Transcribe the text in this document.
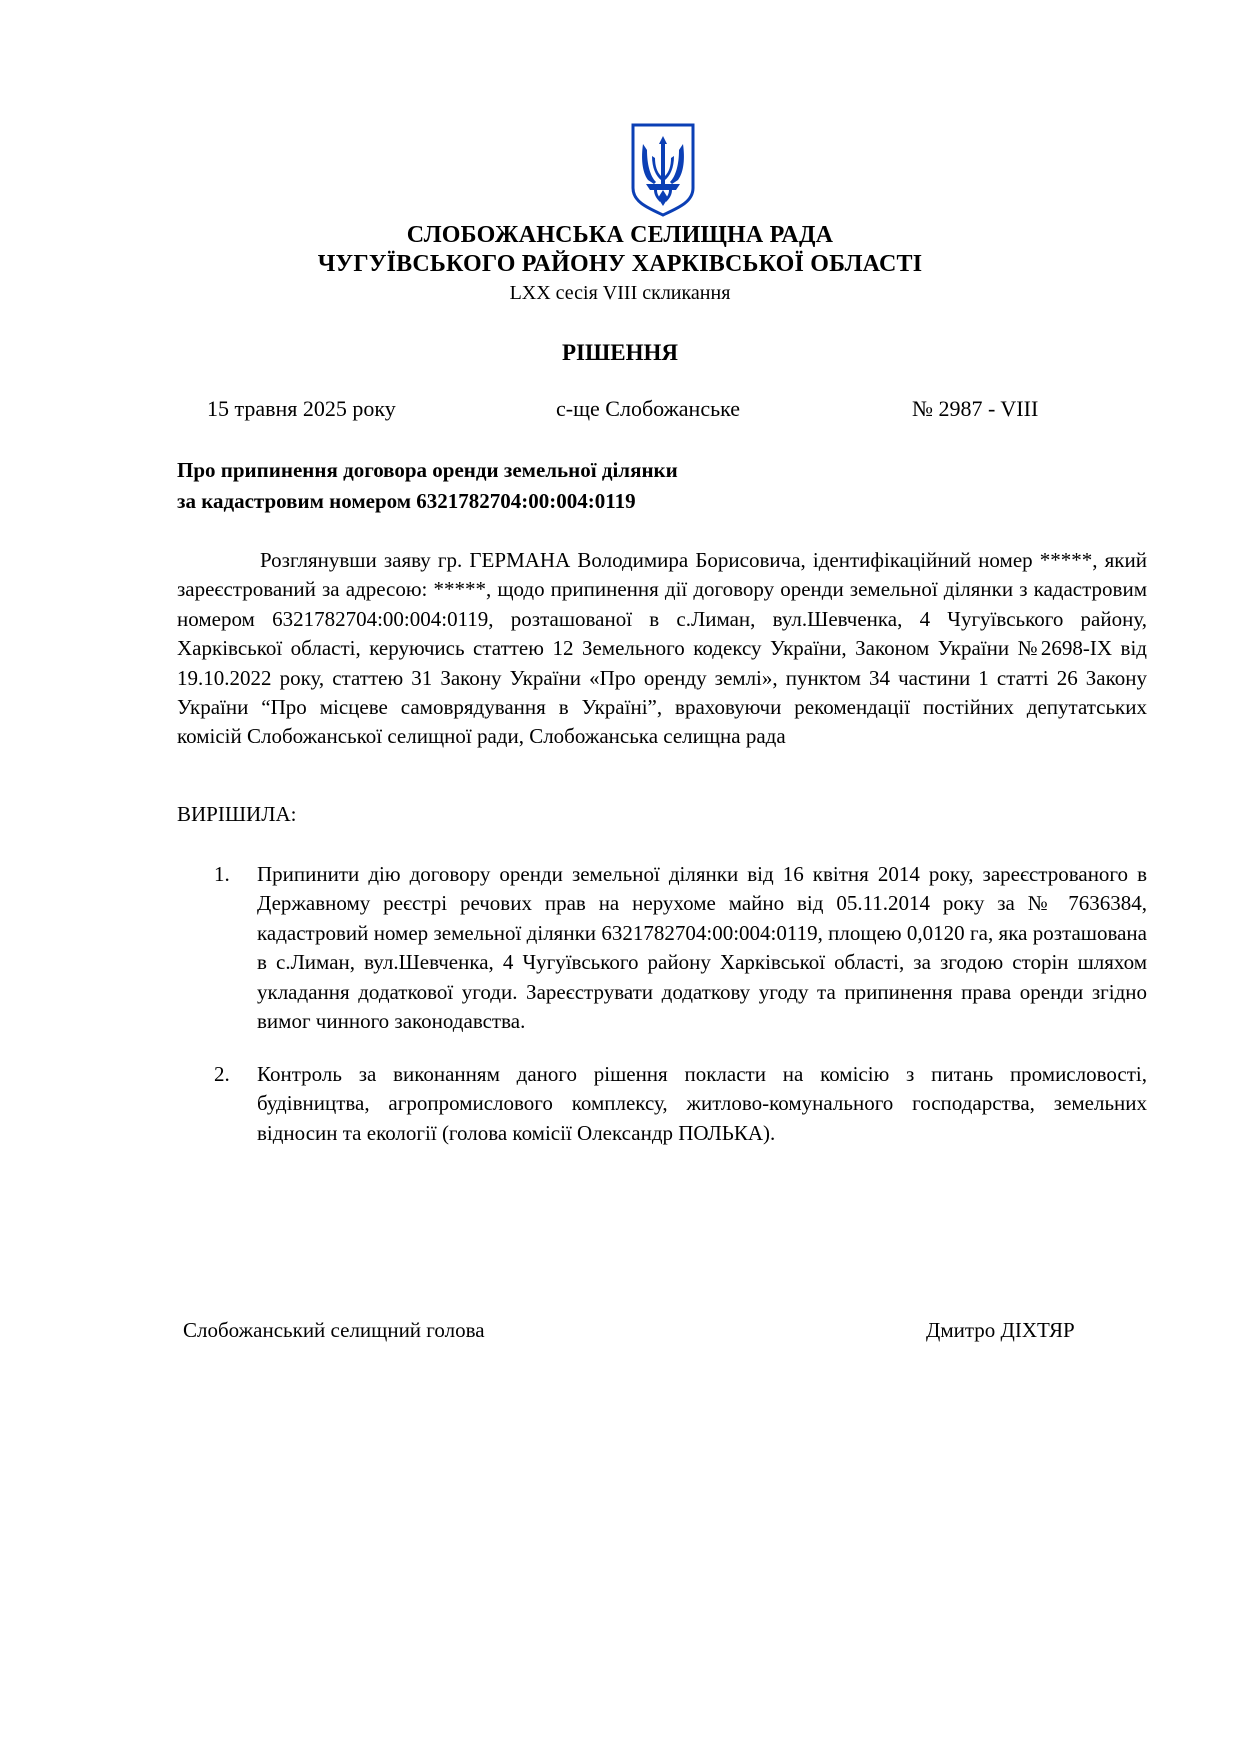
СЛОБОЖАНСЬКА СЕЛИЩНА РАДА
ЧУГУЇВСЬКОГО РАЙОНУ ХАРКІВСЬКОЇ ОБЛАСТІ
LXX сесія VIII скликання
РІШЕННЯ
15 травня 2025 року	с-ще Слобожанське	№ 2987 - VIII
Про припинення договора оренди земельної ділянки
за кадастровим номером 6321782704:00:004:0119
Розглянувши заяву гр. ГЕРМАНА Володимира Борисовича, ідентифікаційний номер *****, який зареєстрований за адресою: *****, щодо припинення дії договору оренди земельної ділянки з кадастровим номером 6321782704:00:004:0119, розташованої в с.Лиман, вул.Шевченка, 4 Чугуївського району, Харківської області, керуючись статтею 12 Земельного кодексу України, Законом України №2698-IX від 19.10.2022 року, статтею 31 Закону України «Про оренду землі», пунктом 34 частини 1 статті 26 Закону України “Про місцеве самоврядування в Україні”, враховуючи рекомендації постійних депутатських комісій Слобожанської селищної ради, Слобожанська селищна рада
ВИРІШИЛА:
1. Припинити дію договору оренди земельної ділянки від 16 квітня 2014 року, зареєстрованого в Державному реєстрі речових прав на нерухоме майно від 05.11.2014 року за № 7636384, кадастровий номер земельної ділянки 6321782704:00:004:0119, площею 0,0120 га, яка розташована в с.Лиман, вул.Шевченка, 4 Чугуївського району Харківської області, за згодою сторін шляхом укладання додаткової угоди. Зареєструвати додаткову угоду та припинення права оренди згідно вимог чинного законодавства.
2. Контроль за виконанням даного рішення покласти на комісію з питань промисловості, будівництва, агропромислового комплексу, житлово-комунального господарства, земельних відносин та екології (голова комісії Олександр ПОЛЬКА).
Слобожанський селищний голова	Дмитро ДІХТЯР
